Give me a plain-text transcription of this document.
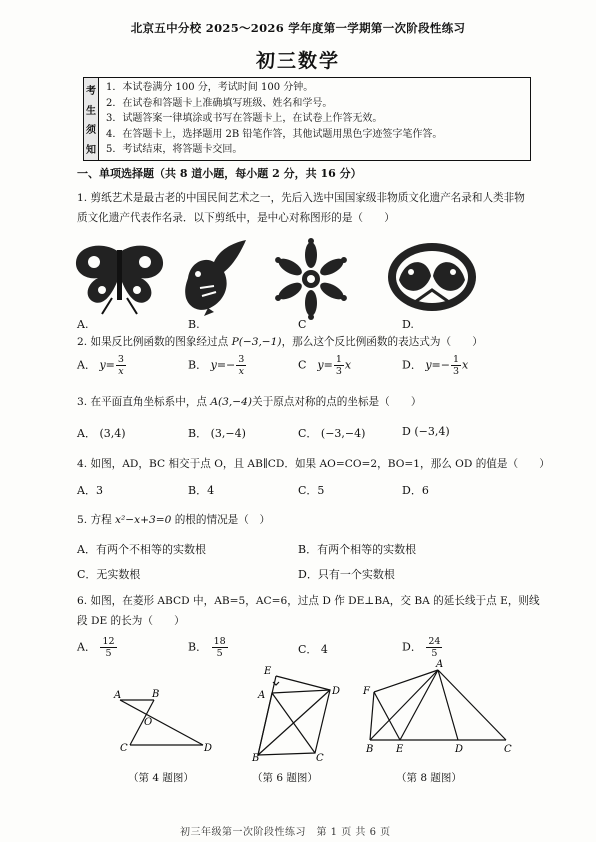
北京五中分校 2025～2026 学年度第一学期第一次阶段性练习
初三数学
考
生
须
知
1．本试卷满分 100 分，考试时间 100 分钟。
2．在试卷和答题卡上准确填写班级、姓名和学号。
3．试题答案一律填涂或书写在答题卡上，在试卷上作答无效。
4．在答题卡上，选择题用 2B 铅笔作答，其他试题用黑色字迹签字笔作答。
5．考试结束，将答题卡交回。
一、单项选择题（共 8 道小题，每小题 2 分，共 16 分）
1. 剪纸艺术是最古老的中国民间艺术之一，先后入选中国国家级非物质文化遗产名录和人类非物
质文化遗产代表作名录．以下剪纸中，是中心对称图形的是（　　）
A.	B.	C	D.
2. 如果反比例函数的图象经过点 P(−3,−1)，那么这个反比例函数的表达式为（　　）
A． $y= \frac{3}{x}$	B． $y=- \frac{3}{x}$	C　 $y= \frac{1}{3}$ x	D． $y=- \frac{1}{3}$ x
3. 在平面直角坐标系中，点 A(3,−4)关于原点对称的点的坐标是（　　）
A． (3,4)	B． (3,−4)	C． (−3,−4)	D (−3,4)
4. 如图，AD，BC 相交于点 O，且 AB∥CD．如果 AO=CO=2，BO=1，那么 OD 的值是（　　）
A．3	B．4	C．5	D．6
5. 方程 x²−x+3=0 的根的情况是（　）
A．有两个不相等的实数根	B．有两个相等的实数根
C．无实数根	D．只有一个实数根
6. 如图，在菱形 ABCD 中，AB=5，AC=6，过点 D 作 DE⊥BA，交 BA 的延长线于点 E，则线
段 DE 的长为（　　）
A． $\frac{12}{5}$	B． $\frac{18}{5}$	C． 4	D． $\frac{24}{5}$
A	B
O
C	D
（第 4 题图）
E
A	D
B	C
（第 6 题图）
A
F
B E	D	C
（第 8 题图）
初三年级第一次阶段性练习　第 1 页 共 6 页
